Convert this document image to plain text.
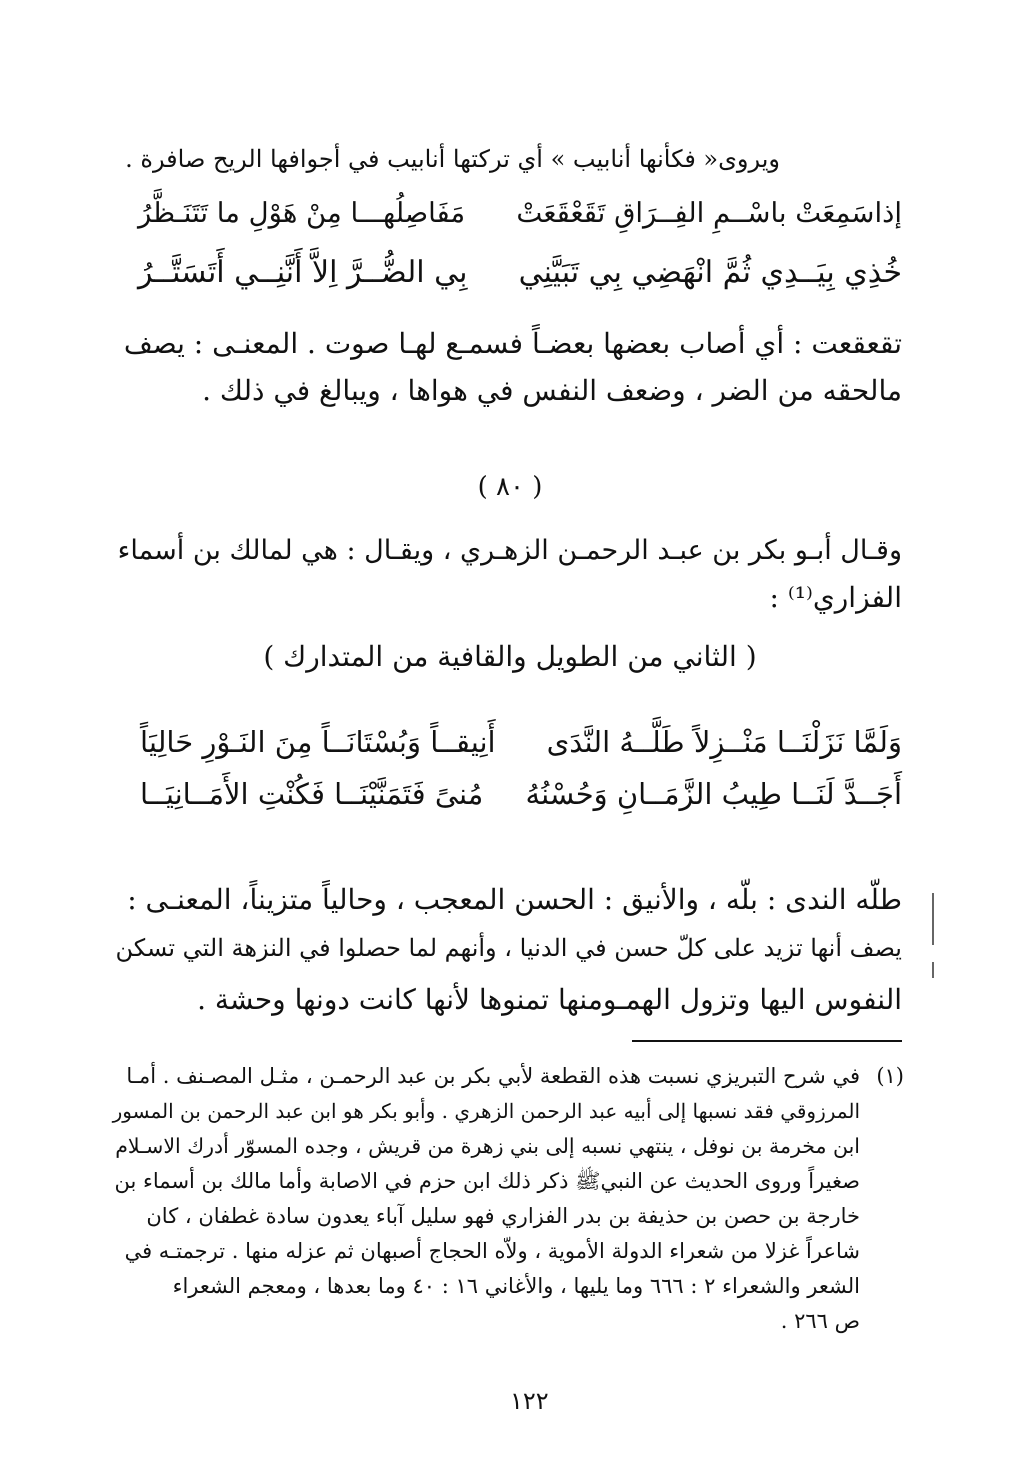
ويروى« فكأنها أنابيب » أي تركتها أنابيب في أجوافها الريح صافرة .
إذاسَمِعَتْ باسْــمِ الفِــرَاقِ تَقَعْقَعَتْ
مَفَاصِلُهـــا مِنْ هَوْلِ ما تَتَنَـظَّرُ
خُذِي بِيَــدِي ثُمَّ انْهَضِي بِي تَبَيَّنِي
بِي الضُّــرَّ اِلاَّ أَنَّنِــي أَتَسَتَّــرُ
تقعقعت : أي أصاب بعضها بعضـاً فسمـع لهـا صوت . المعنـى : يصف
مالحقه من الضر ، وضعف النفس في هواها ، ويبالغ في ذلك .
( ٨٠ )
وقـال أبـو بكر بن عبـد الرحمـن الزهـري ، ويقـال : هي لمالك بن أسماء
الفزاري⁽¹⁾ :
( الثاني من الطويل والقافية من المتدارك )
وَلَمَّا نَزَلْنَــا مَنْــزِلاً طَلَّــهُ النَّدَى
أَنِيقــاً وَبُسْتَانَــاً مِنَ النَـوْرِ حَالِيَاً
أَجَــدَّ لَنَــا طِيبُ الزَّمَــانِ وَحُسْنُهُ
مُنىً فَتَمَنَّيْنَــا فَكُنْتِ الأَمَــانِيَــا
طلّه الندى : بلّه ، والأنيق : الحسن المعجب ، وحالياً متزيناً، المعنـى :
يصف أنها تزيد على كلّ حسن في الدنيا ، وأنهم لما حصلوا في النزهة التي تسكن
النفوس اليها وتزول الهمـومنها تمنوها لأنها كانت دونها وحشة .
(١)
في شرح التبريزي نسبت هذه القطعة لأبي بكر بن عبد الرحمـن ، مثـل المصـنف . أمـا
المرزوقي فقد نسبها إلى أبيه عبد الرحمن الزهري . وأبو بكر هو ابن عبد الرحمن بن المسور
ابن مخرمة بن نوفل ، ينتهي نسبه إلى بني زهرة من قريش ، وجده المسوّر أدرك الاسـلام
صغيراً وروى الحديث عن النبيﷺ ذكر ذلك ابن حزم في الاصابة وأما مالك بن أسماء بن
خارجة بن حصن بن حذيفة بن بدر الفزاري فهو سليل آباء يعدون سادة غطفان ، كان
شاعراً غزلا من شعراء الدولة الأموية ، ولاّه الحجاج أصبهان ثم عزله منها . ترجمتـه في
الشعر والشعراء ٢ : ٦٦٦ وما يليها ، والأغاني ١٦ : ٤٠ وما بعدها ، ومعجم الشعراء
ص ٢٦٦ .
١٢٢
